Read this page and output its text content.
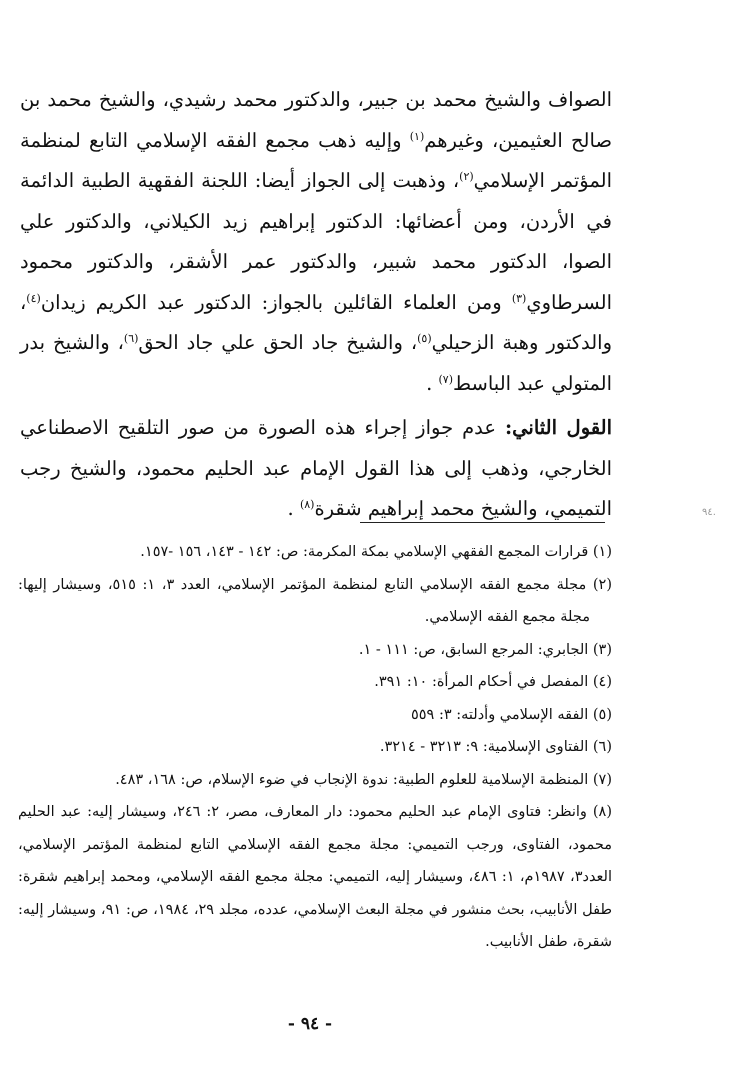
الصواف والشيخ محمد بن جبير، والدكتور محمد رشيدي، والشيخ محمد بن صالح العثيمين، وغيرهم$^{(١)}$ وإليه ذهب مجمع الفقه الإسلامي التابع لمنظمة المؤتمر الإسلامي$^{(٢)}$، وذهبت إلى الجواز أيضا: اللجنة الفقهية الطبية الدائمة في الأردن، ومن أعضائها: الدكتور إبراهيم زيد الكيلاني، والدكتور علي الصوا، الدكتور محمد شبير، والدكتور عمر الأشقر، والدكتور محمود السرطاوي$^{(٣)}$ ومن العلماء القائلين بالجواز: الدكتور عبد الكريم زيدان$^{(٤)}$، والدكتور وهبة الزحيلي$^{(٥)}$، والشيخ جاد الحق علي جاد الحق$^{(٦)}$، والشيخ بدر المتولي عبد الباسط$^{(٧)}$ .

القول الثاني: عدم جواز إجراء هذه الصورة من صور التلقيح الاصطناعي الخارجي، وذهب إلى هذا القول الإمام عبد الحليم محمود، والشيخ رجب التميمي، والشيخ محمد إبراهيم شقرة$^{(٨)}$ .	٩٤.

(١) قرارات المجمع الفقهي الإسلامي بمكة المكرمة: ص: ١٤٢ - ١٤٣، ١٥٦ -١٥٧.

(٢) مجلة مجمع الفقه الإسلامي التابع لمنظمة المؤتمر الإسلامي، العدد ٣، ١: ٥١٥، وسيشار إليها: مجلة مجمع الفقه الإسلامي.

(٣) الجابري: المرجع السابق، ص: ١١١ - ١.

(٤) المفصل في أحكام المرأة: ١٠: ٣٩١.

(٥) الفقه الإسلامي وأدلته: ٣: ٥٥٩

(٦) الفتاوى الإسلامية: ٩: ٣٢١٣ - ٣٢١٤.

(٧) المنظمة الإسلامية للعلوم الطبية: ندوة الإنجاب في ضوء الإسلام، ص: ١٦٨، ٤٨٣.

(٨) وانظر: فتاوى الإمام عبد الحليم محمود: دار المعارف، مصر، ٢: ٢٤٦، وسيشار إليه: عبد الحليم محمود، الفتاوى، ورجب التميمي: مجلة مجمع الفقه الإسلامي التابع لمنظمة المؤتمر الإسلامي، العدد٣، ١٩٨٧م، ١: ٤٨٦، وسيشار إليه، التميمي: مجلة مجمع الفقه الإسلامي، ومحمد إبراهيم شقرة: طفل الأنابيب، بحث منشور في مجلة البعث الإسلامي، عدده، مجلد ٢٩، ١٩٨٤، ص: ٩١، وسيشار إليه: شقرة، طفل الأنابيب.

- ٩٤ -
